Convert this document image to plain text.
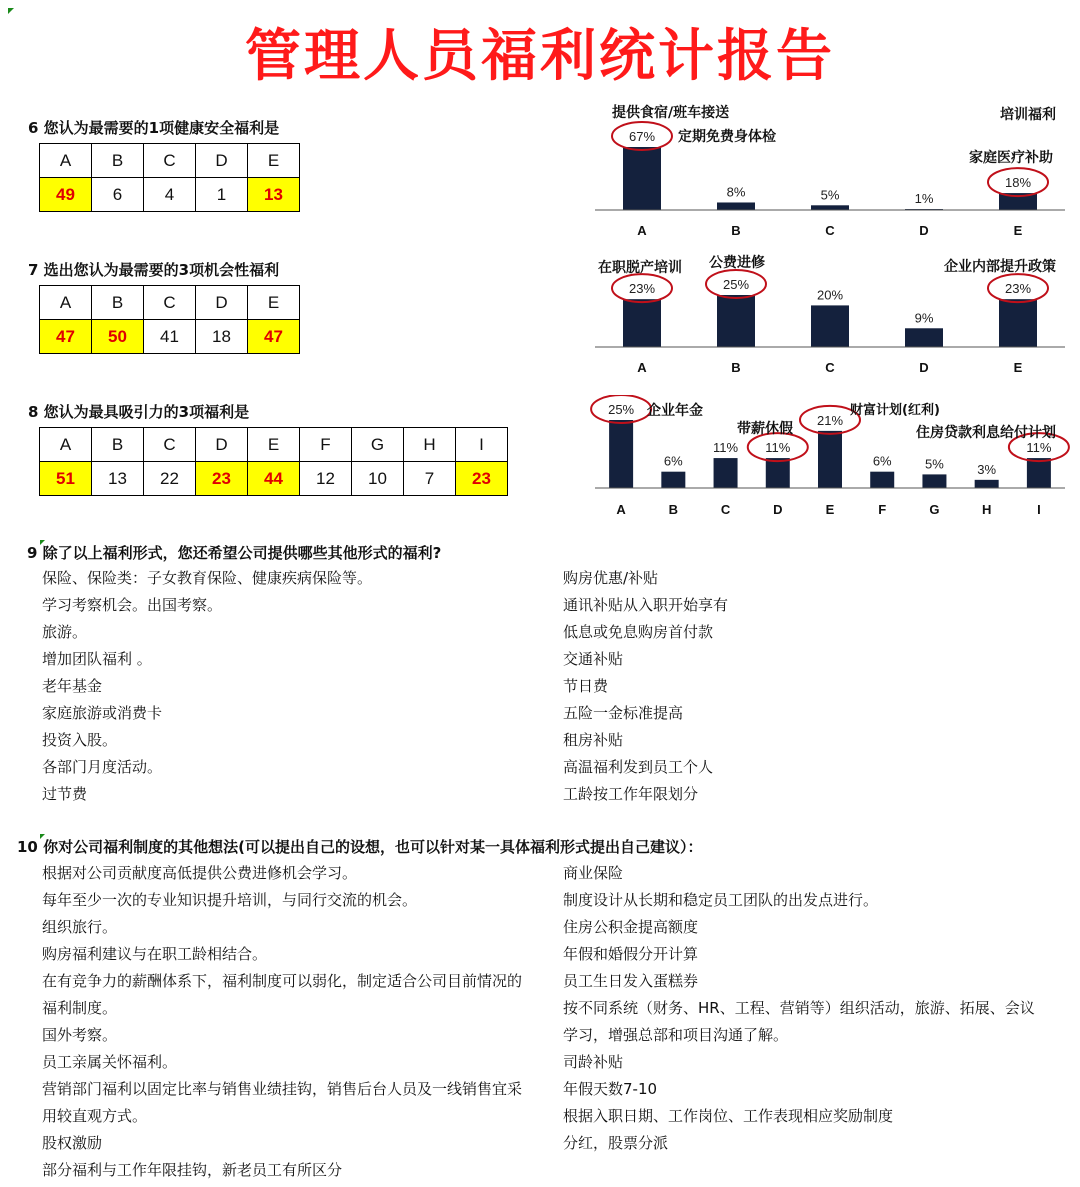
管理人员福利统计报告
6 您认为最需要的1项健康安全福利是
A	B	C	D	E
49	6	4	1	13
7 选出您认为最需要的3项机会性福利
A	B	C	D	E
47	50	41	18	47
8 您认为最具吸引力的3项福利是
A	B	C	D	E	F	G	H	I
51	13	22	23	44	12	10	7	23
67%
A
8%
B
5%
C
1%
D
18%
E
23%
A
25%
B
20%
C
9%
D
23%
E
25%
A
6%
B
11%
C
11%
D
21%
E
6%
F
5%
G
3%
H
11%
I
提供食宿/班车接送
定期免费身体检
培训福利
家庭医疗补助
在职脱产培训 公费进修	企业内部提升政策
企业年金
带薪休假
财富计划(红利)
住房贷款利息给付计划
9 除了以上福利形式，您还希望公司提供哪些其他形式的福利?
保险、保险类：子女教育保险、健康疾病保险等。
学习考察机会。出国考察。
旅游。
增加团队福利 。
老年基金
家庭旅游或消费卡
投资入股。
各部门月度活动。
过节费
购房优惠/补贴
通讯补贴从入职开始享有
低息或免息购房首付款
交通补贴
节日费
五险一金标准提高
租房补贴
高温福利发到员工个人
工龄按工作年限划分
10 你对公司福利制度的其他想法(可以提出自己的设想，也可以针对某一具体福利形式提出自己建议）：
根据对公司贡献度高低提供公费进修机会学习。
每年至少一次的专业知识提升培训，与同行交流的机会。
组织旅行。
购房福利建议与在职工龄相结合。
在有竞争力的薪酬体系下，福利制度可以弱化，制定适合公司目前情况的
福利制度。
国外考察。
员工亲属关怀福利。
营销部门福利以固定比率与销售业绩挂钩，销售后台人员及一线销售宜采
用较直观方式。
股权激励
部分福利与工作年限挂钩，新老员工有所区分
商业保险
制度设计从长期和稳定员工团队的出发点进行。
住房公积金提高额度
年假和婚假分开计算
员工生日发入蛋糕券
按不同系统（财务、HR、工程、营销等）组织活动，旅游、拓展、会议
学习，增强总部和项目沟通了解。
司龄补贴
年假天数7-10
根据入职日期、工作岗位、工作表现相应奖励制度
分红，股票分派
